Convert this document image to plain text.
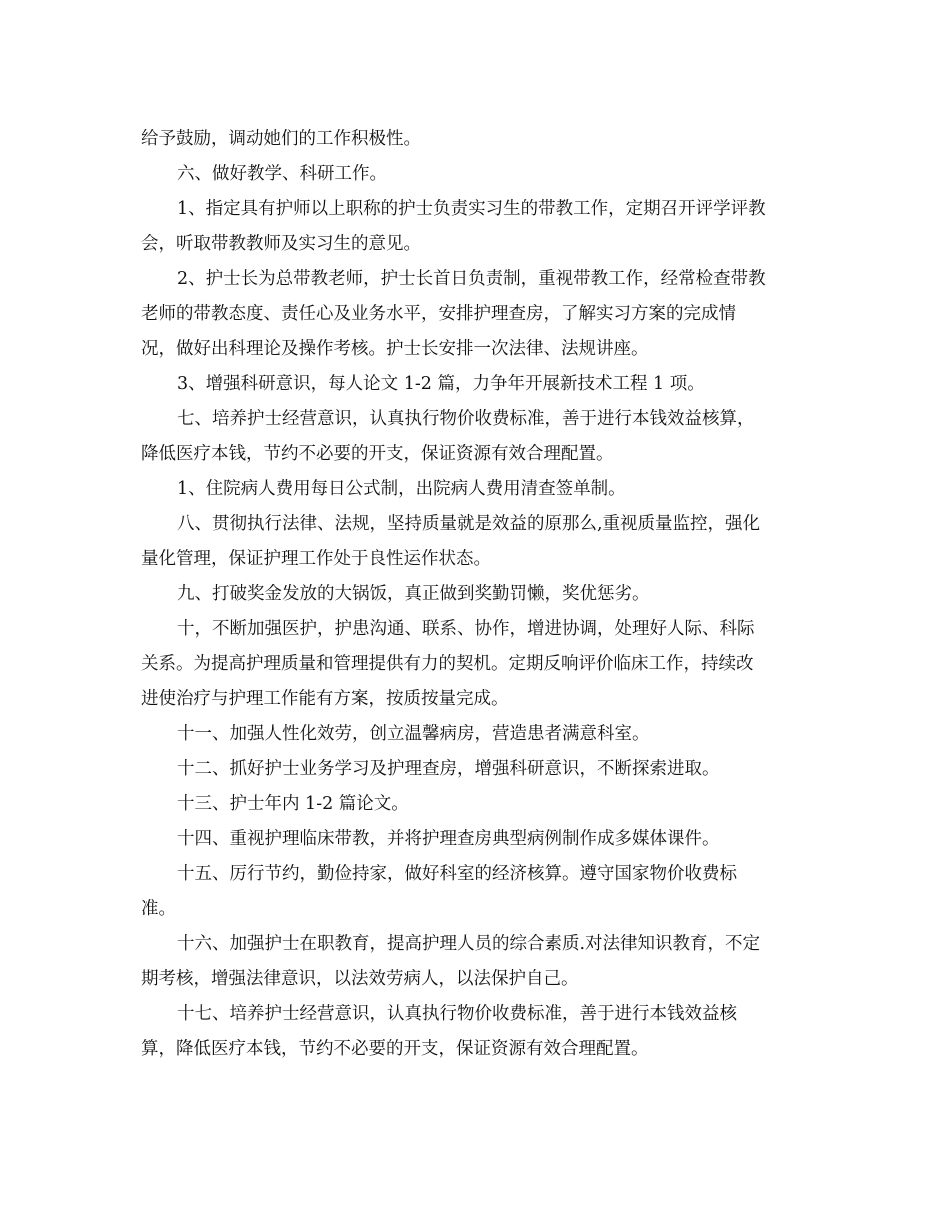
给予鼓励，调动她们的工作积极性。
六、做好教学、科研工作。
1、指定具有护师以上职称的护士负责实习生的带教工作，定期召开评学评教
会，听取带教教师及实习生的意见。
2、护士长为总带教老师，护士长首日负责制，重视带教工作，经常检查带教
老师的带教态度、责任心及业务水平，安排护理查房，了解实习方案的完成情
况，做好出科理论及操作考核。护士长安排一次法律、法规讲座。
3、增强科研意识，每人论文 1-2 篇，力争年开展新技术工程 1 项。
七、培养护士经营意识，认真执行物价收费标准，善于进行本钱效益核算，
降低医疗本钱，节约不必要的开支，保证资源有效合理配置。
1、住院病人费用每日公式制，出院病人费用清查签单制。
八、贯彻执行法律、法规，坚持质量就是效益的原那么,重视质量监控，强化
量化管理，保证护理工作处于良性运作状态。
九、打破奖金发放的大锅饭，真正做到奖勤罚懒，奖优惩劣。
十，不断加强医护，护患沟通、联系、协作，增进协调，处理好人际、科际
关系。为提高护理质量和管理提供有力的契机。定期反响评价临床工作，持续改
进使治疗与护理工作能有方案，按质按量完成。
十一、加强人性化效劳，创立温馨病房，营造患者满意科室。
十二、抓好护士业务学习及护理查房，增强科研意识，不断探索进取。
十三、护士年内 1-2 篇论文。
十四、重视护理临床带教，并将护理查房典型病例制作成多媒体课件。
十五、厉行节约，勤俭持家，做好科室的经济核算。遵守国家物价收费标
准。
十六、加强护士在职教育，提高护理人员的综合素质.对法律知识教育，不定
期考核，增强法律意识，以法效劳病人，以法保护自己。
十七、培养护士经营意识，认真执行物价收费标准，善于进行本钱效益核
算，降低医疗本钱，节约不必要的开支，保证资源有效合理配置。
